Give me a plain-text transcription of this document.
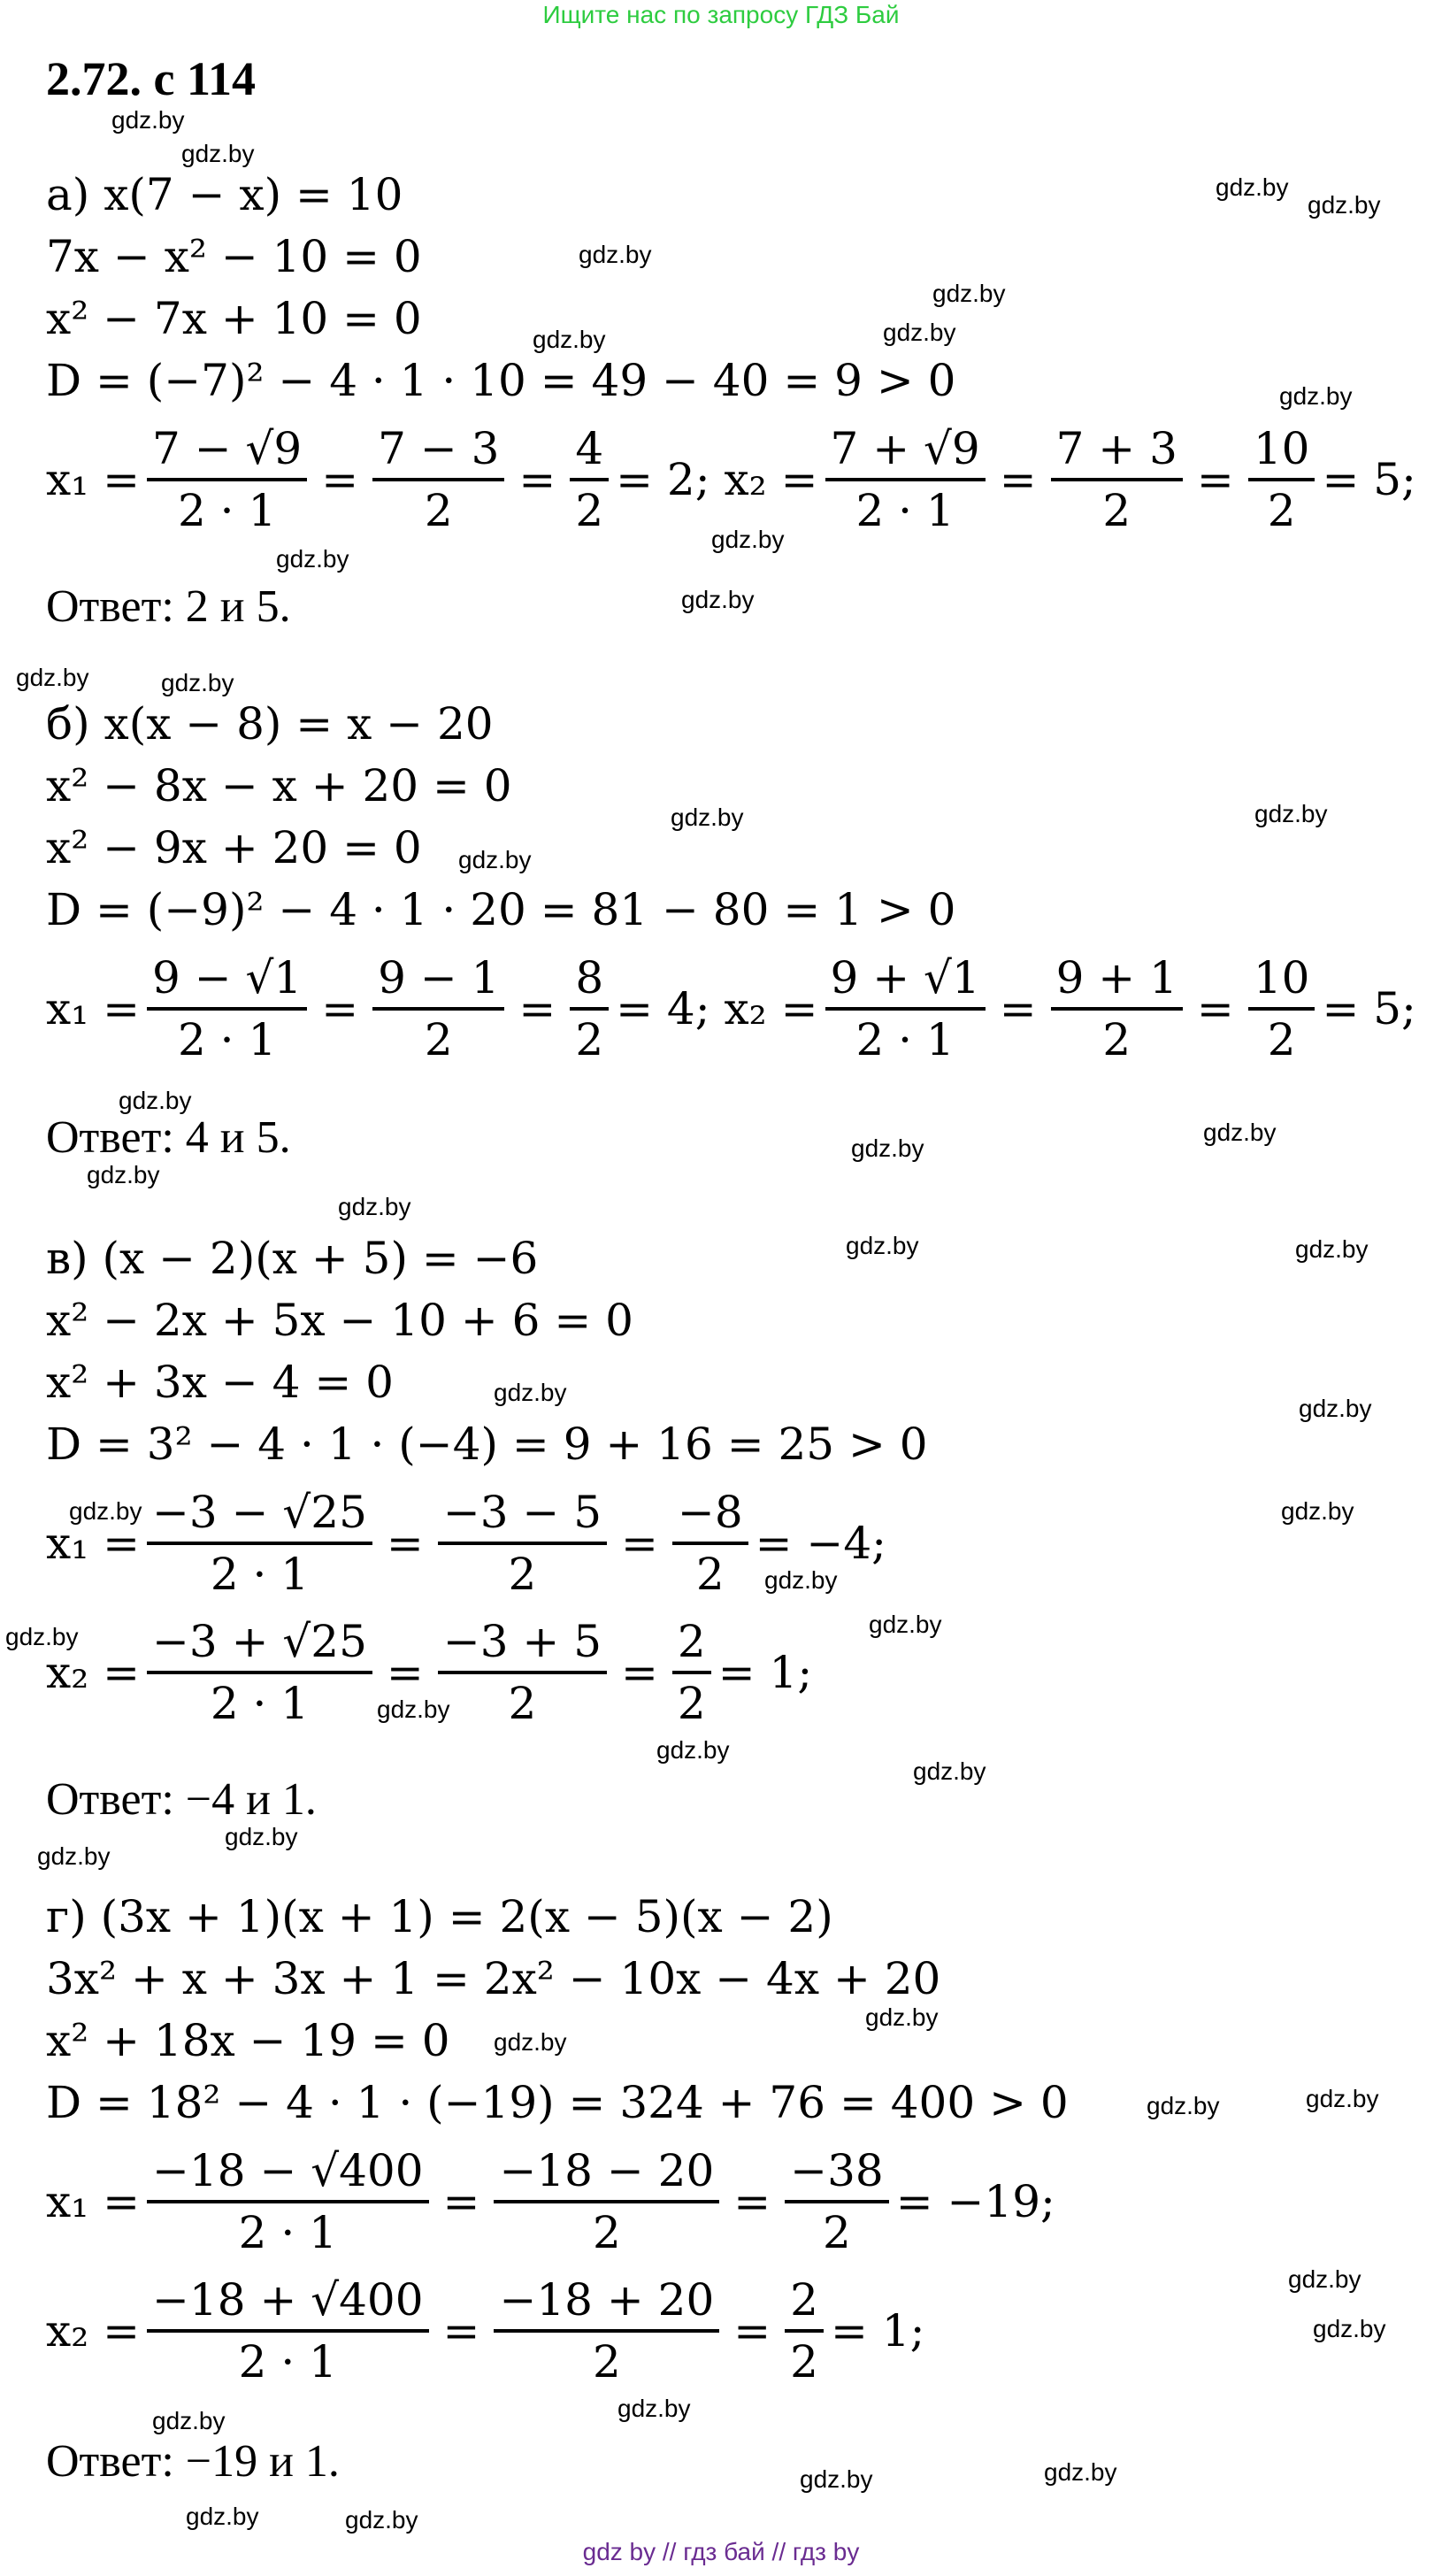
Ищите нас по запросу ГДЗ Бай
2.72. с 114
а) x(7 − x) = 10
7x − x² − 10 = 0
x² − 7x + 10 = 0
D = (−7)² − 4 · 1 · 10 = 49 − 40 = 9 > 0
$x_1 = \frac{7 - √9}{2 \cdot 1} = \frac{7 - 3}{2} = \frac{4}{2} = 2$; $x_2 = \frac{7 + √9}{2 \cdot 1} = \frac{7 + 3}{2} = \frac{10}{2} = 5$;
Ответ: 2 и 5.
б) x(x − 8) = x − 20
x² − 8x − x + 20 = 0
x² − 9x + 20 = 0
D = (−9)² − 4 · 1 · 20 = 81 − 80 = 1 > 0
$x_1 = \frac{9 - √1}{2 \cdot 1} = \frac{9 - 1}{2} = \frac{8}{2} = 4$; $x_2 = \frac{9 + √1}{2 \cdot 1} = \frac{9 + 1}{2} = \frac{10}{2} = 5$;
Ответ: 4 и 5.
в) (x − 2)(x + 5) = −6
x² − 2x + 5x − 10 + 6 = 0
x² + 3x − 4 = 0
D = 3² − 4 · 1 · (−4) = 9 + 16 = 25 > 0
$x_1 = \frac{-3 - √25}{2 \cdot 1} = \frac{-3 - 5}{2} = \frac{-8}{2} = -4$;
$x_2 = \frac{-3 + √25}{2 \cdot 1} = \frac{-3 + 5}{2} = \frac{2}{2} = 1$;
Ответ: −4 и 1.
г) (3x + 1)(x + 1) = 2(x − 5)(x − 2)
3x² + x + 3x + 1 = 2x² − 10x − 4x + 20
x² + 18x − 19 = 0
D = 18² − 4 · 1 · (−19) = 324 + 76 = 400 > 0
$x_1 = \frac{-18 - √400}{2 \cdot 1} = \frac{-18 - 20}{2} = \frac{-38}{2} = -19$;
$x_2 = \frac{-18 + √400}{2 \cdot 1} = \frac{-18 + 20}{2} = \frac{2}{2} = 1$;
Ответ: −19 и 1.
gdz.by
gdz.by
gdz.by
gdz.by
gdz.by
gdz.by
gdz.by
gdz.by
gdz.by
gdz.by
gdz.by
gdz.by
gdz.by	gdz.by
gdz.by	gdz.by
gdz.by
gdz.by
gdz.by
gdz.by
gdz.by
gdz.by
gdz.by	gdz.by
gdz.by
gdz.by
gdz.by	gdz.by
gdz.by
gdz.by	gdz.by
gdz.by
gdz.by
gdz.by
gdz.by
gdz.by
gdz.by
gdz.by
gdz.by	gdz.by
gdz.by
gdz.by
gdz.by	gdz.by
gdz.by
gdz.by
gdz.by	gdz.by
gdz by // гдз бай // гдз by
